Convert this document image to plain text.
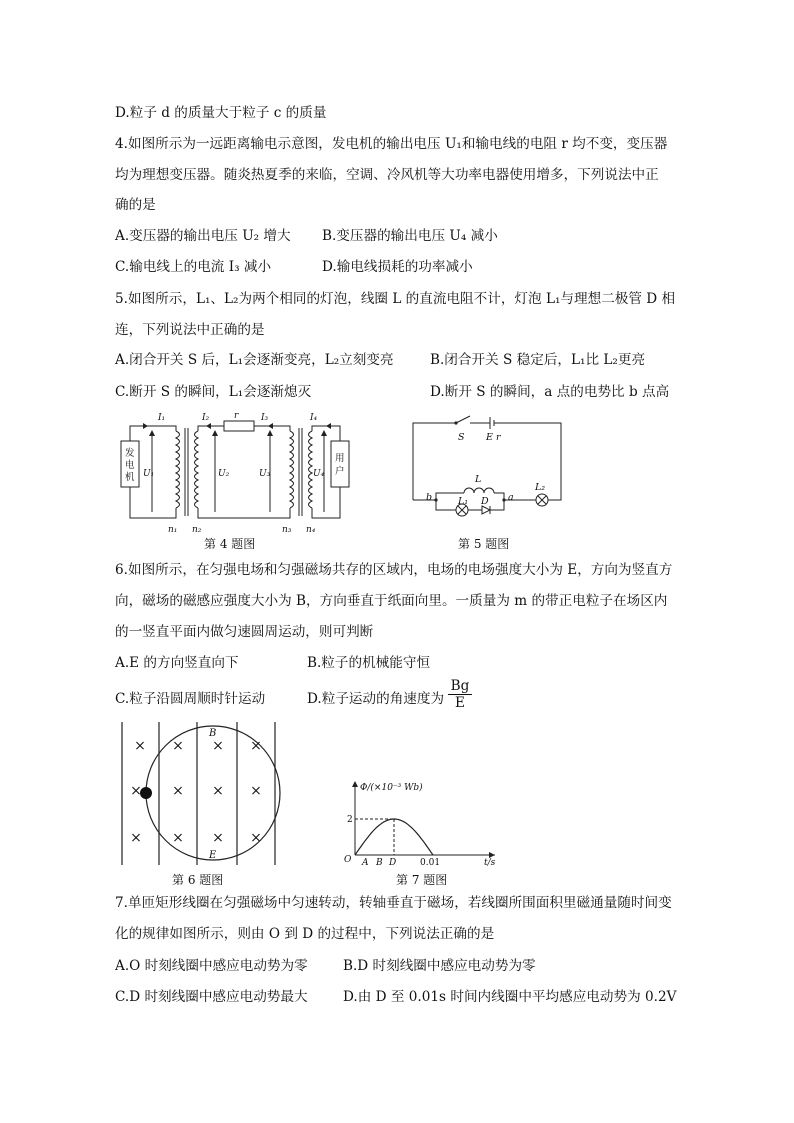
D.粒子 d 的质量大于粒子 c 的质量
4.如图所示为一远距离输电示意图，发电机的输出电压 U₁和输电线的电阻 r 均不变，变压器
均为理想变压器。随炎热夏季的来临，空调、冷风机等大功率电器使用增多，下列说法中正
确的是
A.变压器的输出电压 U₂ 增大 B.变压器的输出电压 U₄ 减小
C.输电线上的电流 I₃ 减小	D.输电线损耗的功率减小
5.如图所示，L₁、L₂为两个相同的灯泡，线圈 L 的直流电阻不计，灯泡 L₁与理想二极管 D 相
连，下列说法中正确的是
A.闭合开关 S 后，L₁会逐渐变亮，L₂立刻变亮	B.闭合开关 S 稳定后，L₁比 L₂更亮
C.断开 S 的瞬间，L₁会逐渐熄灭	D.断开 S 的瞬间，a 点的电势比 b 点高
I₁	I₂	r	I₃	I₄
U₁	U₂	U₃	U₄
n₁ n₂	n₃ n₄
发
电
机
用
户
第 4 题图
S E r
L
b	a
L₂
L₁ D
第 5 题图
6.如图所示，在匀强电场和匀强磁场共存的区域内，电场的电场强度大小为 E，方向为竖直方
向，磁场的磁感应强度大小为 B，方向垂直于纸面向里。一质量为 m 的带正电粒子在场区内
的一竖直平面内做匀速圆周运动，则可判断
A.E 的方向竖直向下	B.粒子的机械能守恒
C.粒子沿圆周顺时针运动	D.粒子运动的角速度为 $\frac{Bg}{E}$
×
×
×
×
×
×
×
×
×
×
×
×
B
E
第 6 题图
Φ/(×10⁻³ Wb)
t/s
O
2
A B D	0.01
第 7 题图
7.单匝矩形线圈在匀强磁场中匀速转动，转轴垂直于磁场，若线圈所围面积里磁通量随时间变
化的规律如图所示，则由 O 到 D 的过程中，下列说法正确的是
A.O 时刻线圈中感应电动势为零	B.D 时刻线圈中感应电动势为零
C.D 时刻线圈中感应电动势最大	D.由 D 至 0.01s 时间内线圈中平均感应电动势为 0.2V
